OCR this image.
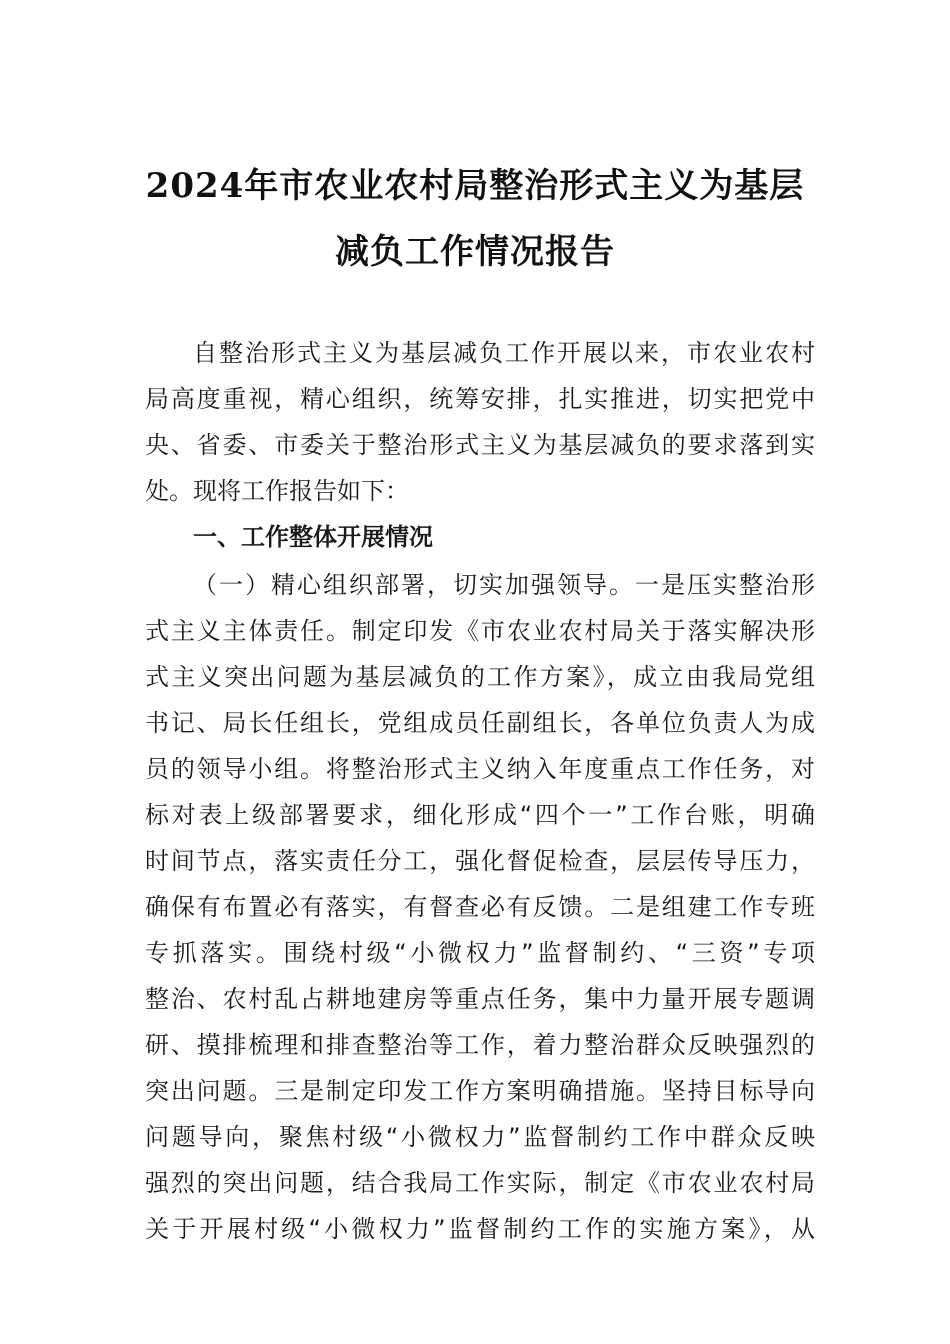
2024年市农业农村局整治形式主义为基层
减负工作情况报告
自整治形式主义为基层减负工作开展以来，市农业农村
局高度重视，精心组织，统筹安排，扎实推进，切实把党中
央、省委、市委关于整治形式主义为基层减负的要求落到实
处。现将工作报告如下：
一、工作整体开展情况
（一）精心组织部署，切实加强领导。一是压实整治形
式主义主体责任。制定印发《市农业农村局关于落实解决形
式主义突出问题为基层减负的工作方案》，成立由我局党组
书记、局长任组长，党组成员任副组长，各单位负责人为成
员的领导小组。将整治形式主义纳入年度重点工作任务，对
标对表上级部署要求，细化形成“四个一”工作台账，明确
时间节点，落实责任分工，强化督促检查，层层传导压力，
确保有布置必有落实，有督查必有反馈。二是组建工作专班
专抓落实。围绕村级“小微权力”监督制约、“三资”专项
整治、农村乱占耕地建房等重点任务，集中力量开展专题调
研、摸排梳理和排查整治等工作，着力整治群众反映强烈的
突出问题。三是制定印发工作方案明确措施。坚持目标导向
问题导向，聚焦村级“小微权力”监督制约工作中群众反映
强烈的突出问题，结合我局工作实际，制定《市农业农村局
关于开展村级“小微权力”监督制约工作的实施方案》，从
